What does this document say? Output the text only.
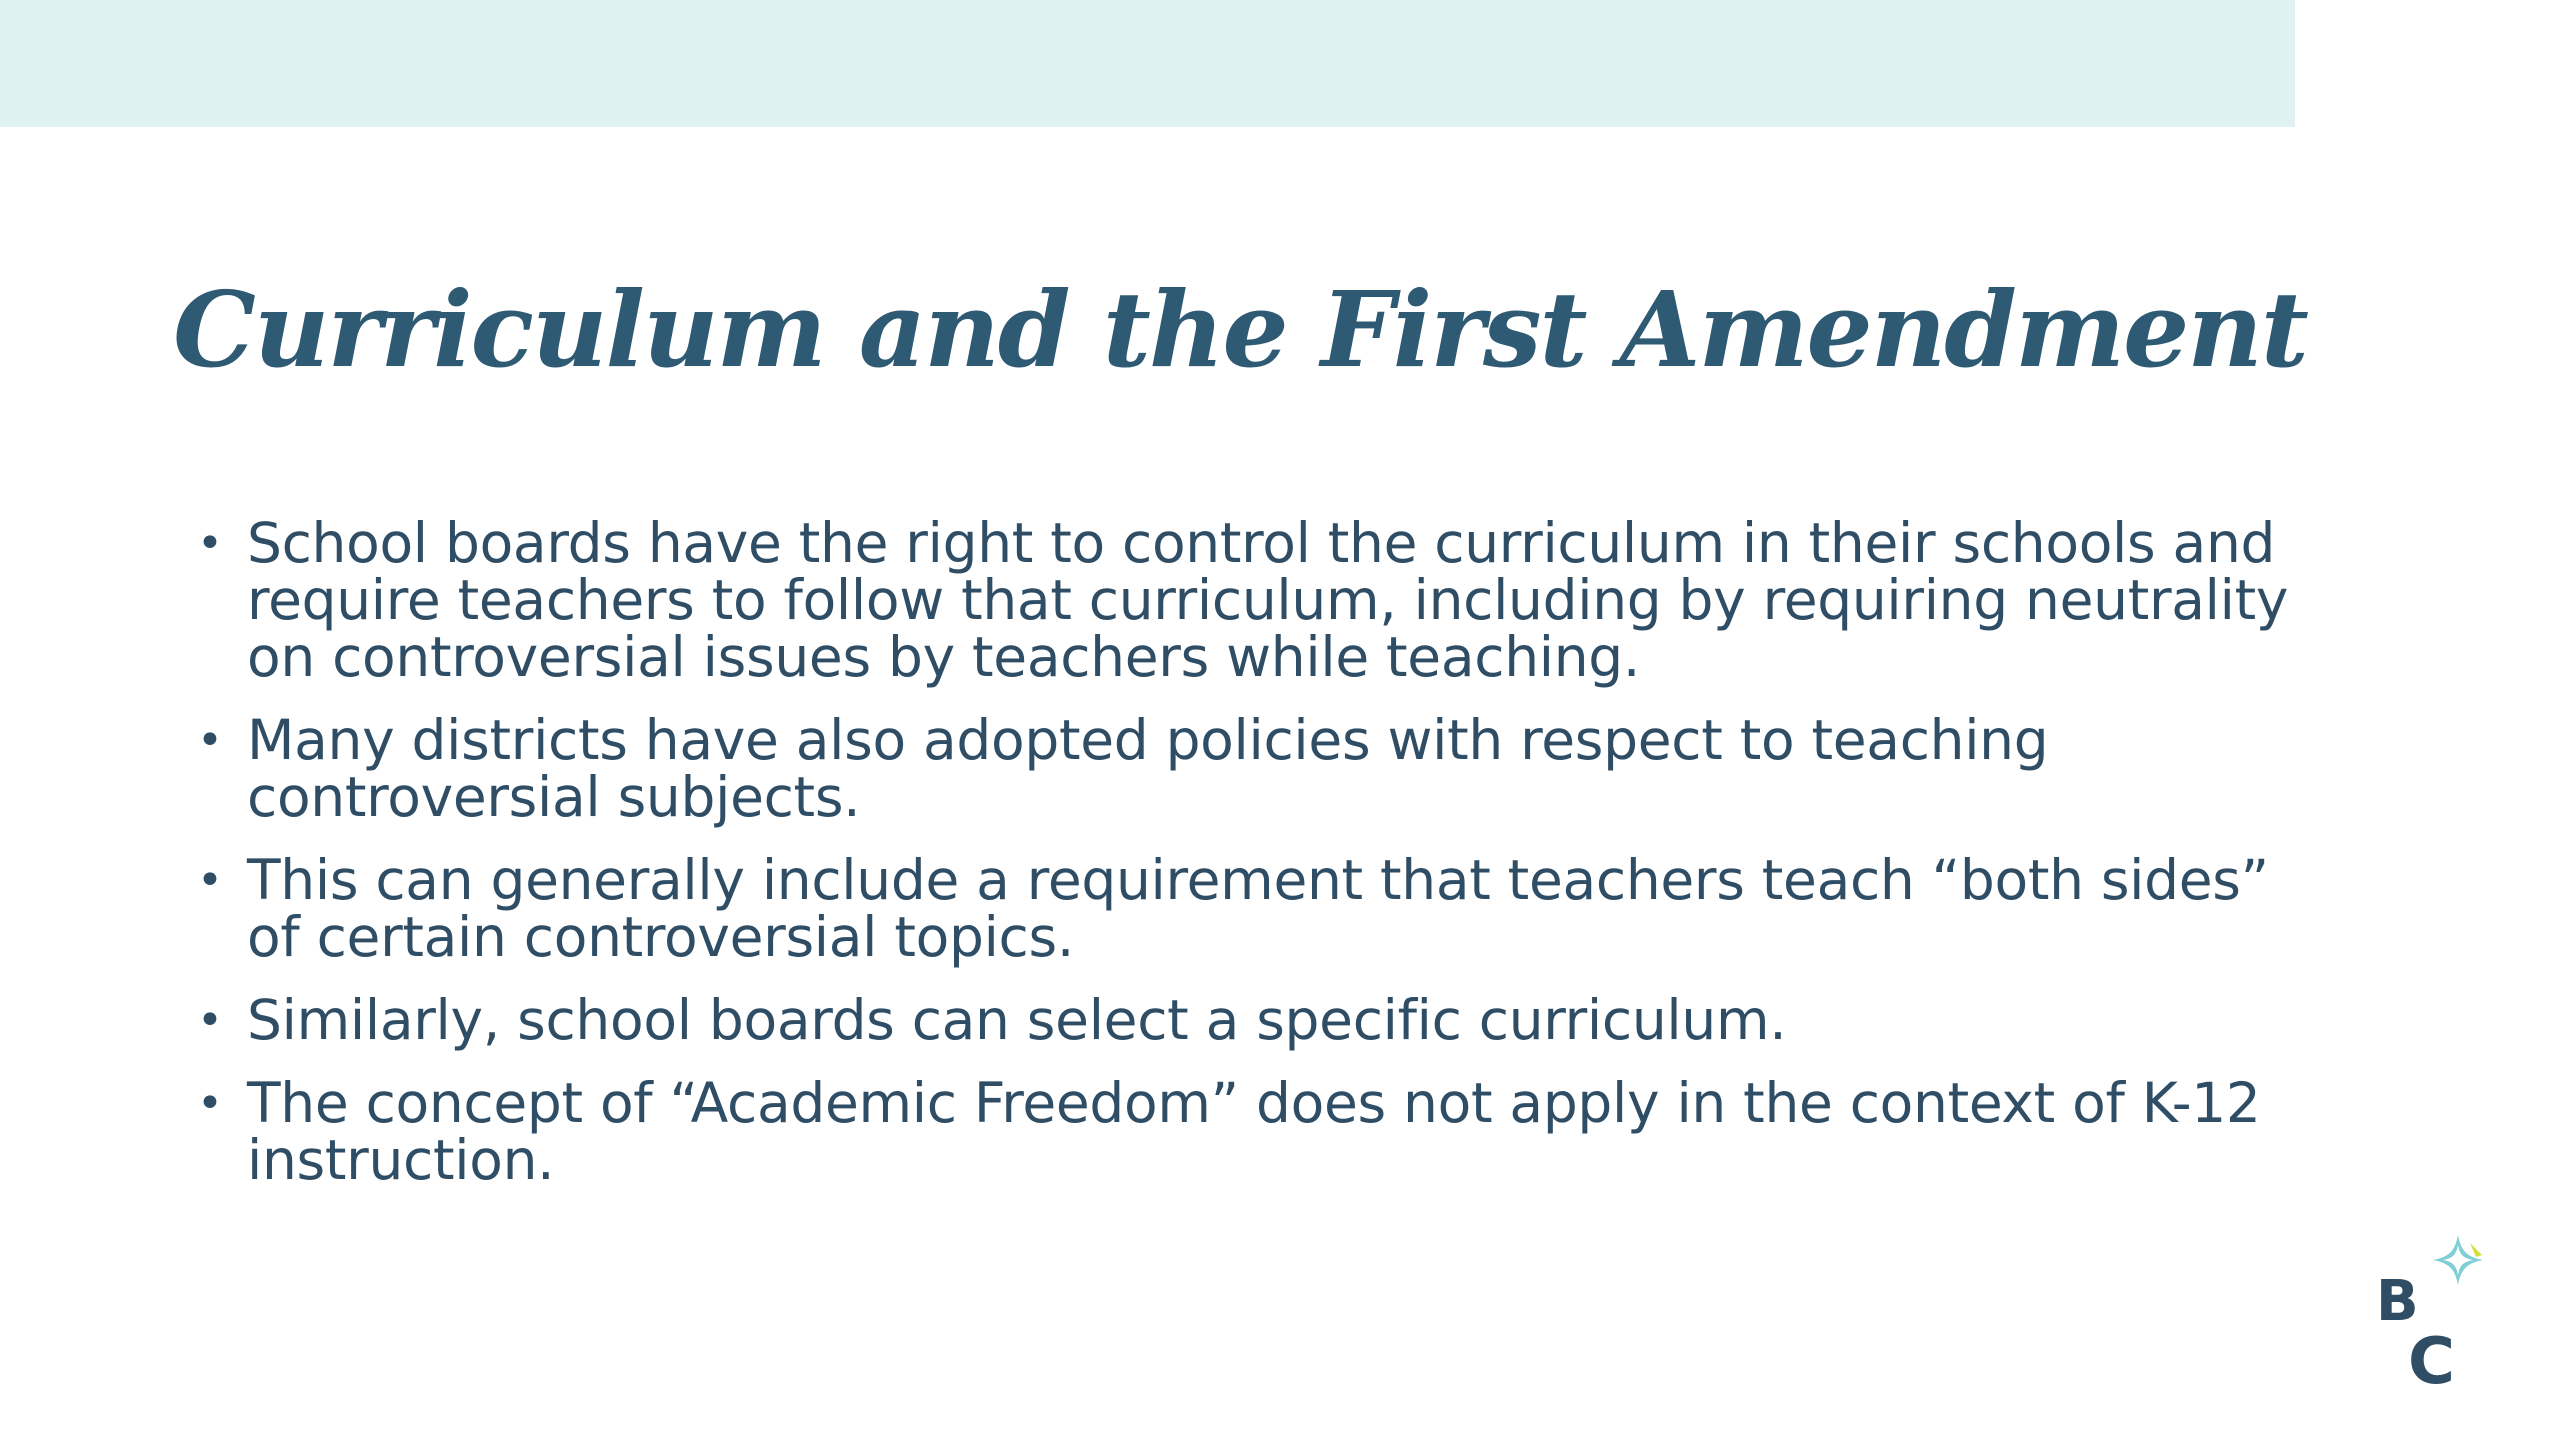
Curriculum and the First Amendment
• School boards have the right to control the curriculum in their schools and require teachers to follow that curriculum, including by requiring neutrality on controversial issues by teachers while teaching.
• Many districts have also adopted policies with respect to teaching controversial subjects.
• This can generally include a requirement that teachers teach “both sides” of certain controversial topics.
• Similarly, school boards can select a specific curriculum.
• The concept of “Academic Freedom” does not apply in the context of K-12 instruction.
B
C
